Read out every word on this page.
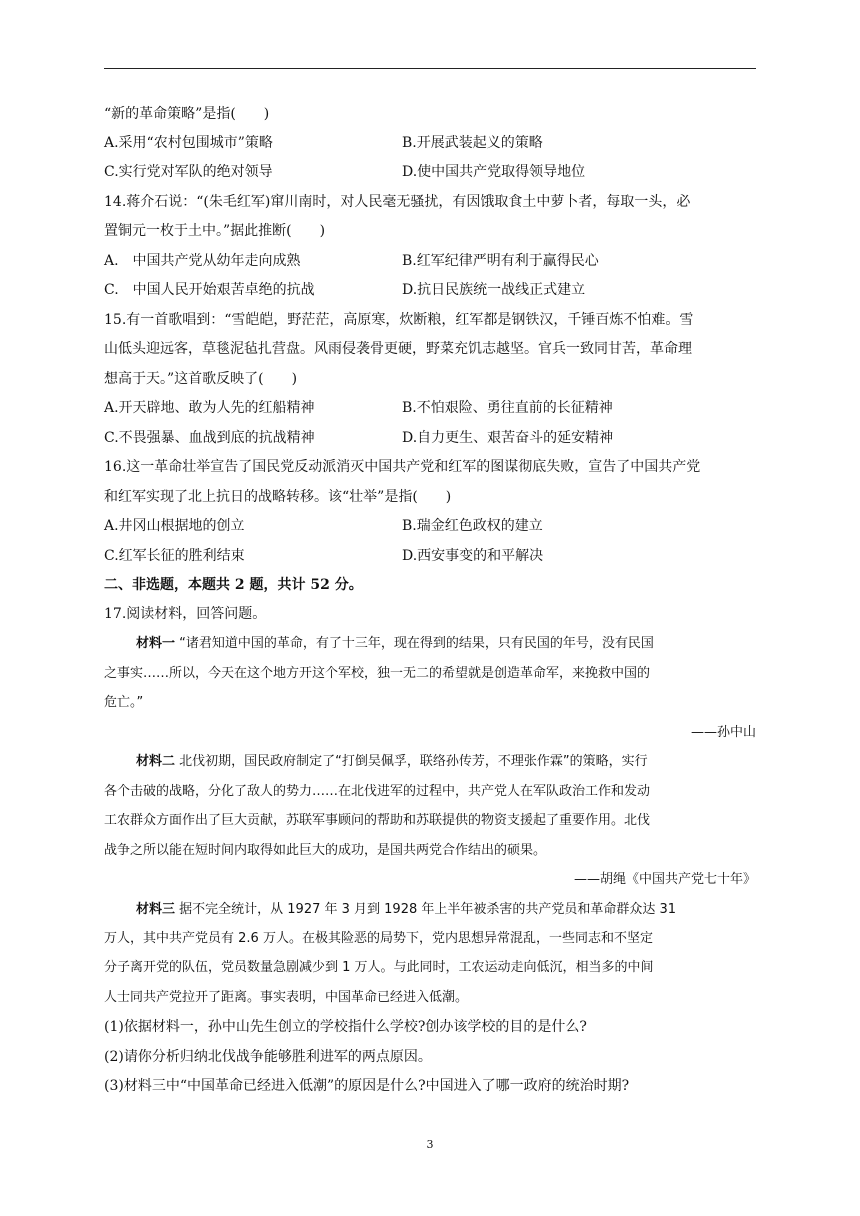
“新的革命策略”是指(　　)
A.采用“农村包围城市”策略	B.开展武装起义的策略
C.实行党对军队的绝对领导	D.使中国共产党取得领导地位
14.蒋介石说：“(朱毛红军)窜川南时，对人民毫无骚扰，有因饿取食土中萝卜者，每取一头，必
置铜元一枚于土中。”据此推断(　　)
A.　中国共产党从幼年走向成熟	B.红军纪律严明有利于赢得民心
C.　中国人民开始艰苦卓绝的抗战	D.抗日民族统一战线正式建立
15.有一首歌唱到：“雪皑皑，野茫茫，高原寒，炊断粮，红军都是钢铁汉，千锤百炼不怕难。雪
山低头迎远客，草毯泥毡扎营盘。风雨侵袭骨更硬，野菜充饥志越坚。官兵一致同甘苦，革命理
想高于天。”这首歌反映了(　　)
A.开天辟地、敢为人先的红船精神	B.不怕艰险、勇往直前的长征精神
C.不畏强暴、血战到底的抗战精神	D.自力更生、艰苦奋斗的延安精神
16.这一革命壮举宣告了国民党反动派消灭中国共产党和红军的图谋彻底失败，宣告了中国共产党
和红军实现了北上抗日的战略转移。该“壮举”是指(　　)
A.井冈山根据地的创立	B.瑞金红色政权的建立
C.红军长征的胜利结束	D.西安事变的和平解决
二、非选题，本题共 2 题，共计 52 分。
17.阅读材料，回答问题。
材料一 “诸君知道中国的革命，有了十三年，现在得到的结果，只有民国的年号，没有民国
之事实……所以，今天在这个地方开这个军校，独一无二的希望就是创造革命军，来挽救中国的
危亡。”
——孙中山
材料二 北伐初期，国民政府制定了“打倒吴佩孚，联络孙传芳，不理张作霖”的策略，实行
各个击破的战略，分化了敌人的势力……在北伐进军的过程中，共产党人在军队政治工作和发动
工农群众方面作出了巨大贡献，苏联军事顾问的帮助和苏联提供的物资支援起了重要作用。北伐
战争之所以能在短时间内取得如此巨大的成功，是国共两党合作结出的硕果。
——胡绳《中国共产党七十年》
材料三 据不完全统计，从 1927 年 3 月到 1928 年上半年被杀害的共产党员和革命群众达 31
万人，其中共产党员有 2.6 万人。在极其险恶的局势下，党内思想异常混乱，一些同志和不坚定
分子离开党的队伍，党员数量急剧减少到 1 万人。与此同时，工农运动走向低沉，相当多的中间
人士同共产党拉开了距离。事实表明，中国革命已经进入低潮。
(1)依据材料一，孙中山先生创立的学校指什么学校?创办该学校的目的是什么?
(2)请你分析归纳北伐战争能够胜利进军的两点原因。
(3)材料三中“中国革命已经进入低潮”的原因是什么?中国进入了哪一政府的统治时期?
3
